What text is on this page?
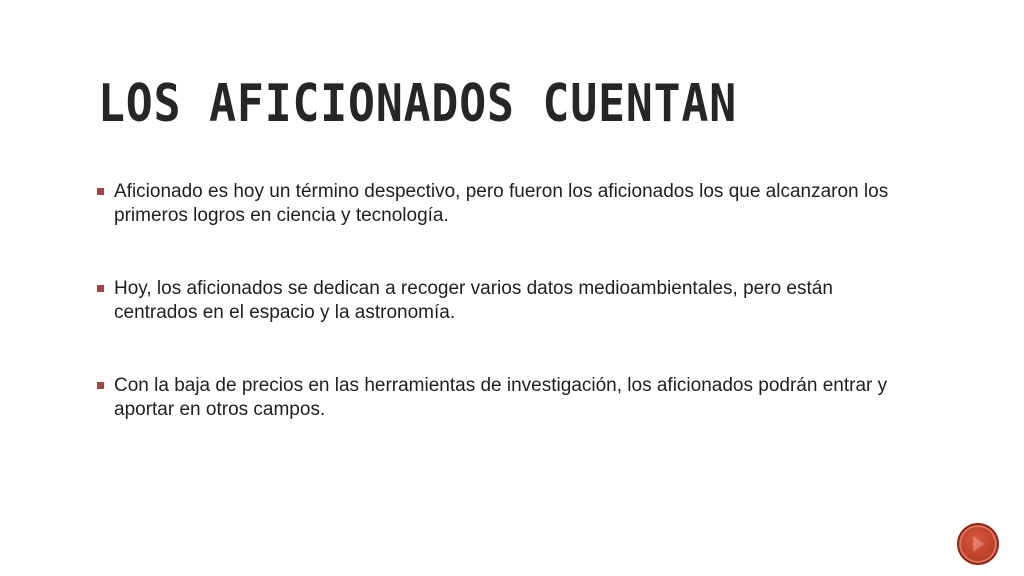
LOS AFICIONADOS CUENTAN
Aficionado es hoy un término despectivo, pero fueron los aficionados los que alcanzaron los primeros logros en ciencia y tecnología.
Hoy, los aficionados se dedican a recoger varios datos medioambientales, pero están centrados en el espacio y la astronomía.
Con la baja de precios en las herramientas de investigación, los aficionados podrán entrar y aportar en otros campos.
